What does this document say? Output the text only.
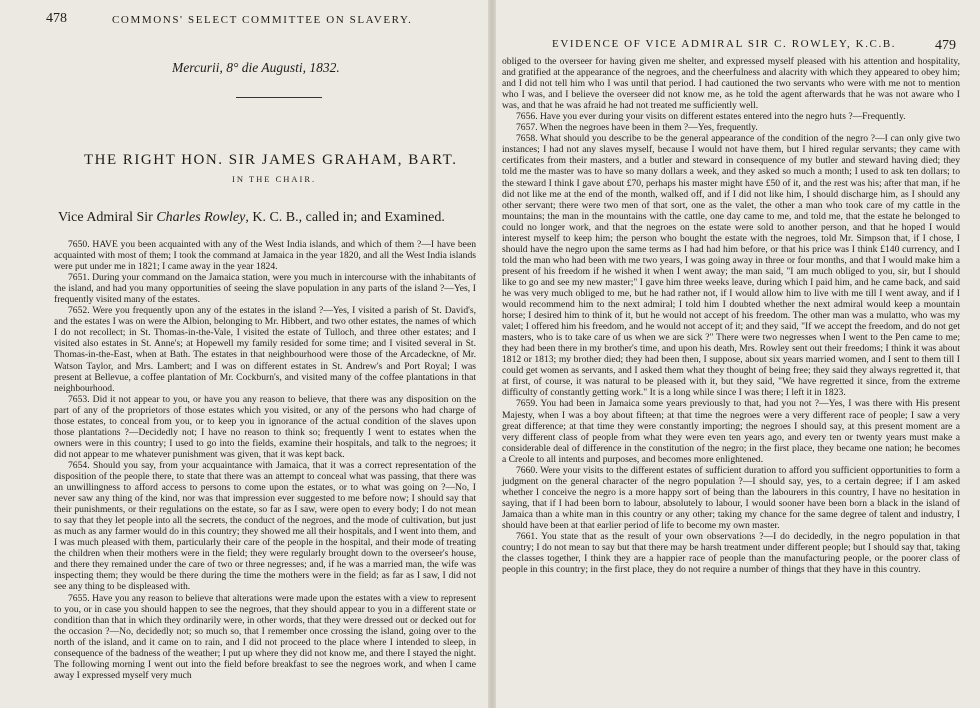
478	COMMONS' SELECT COMMITTEE ON SLAVERY.
Mercurii, 8° die Augusti, 1832.
THE RIGHT HON. SIR JAMES GRAHAM, BART.
IN THE CHAIR.
Vice Admiral Sir Charles Rowley, K. C. B., called in; and Examined.

7650. HAVE you been acquainted with any of the West India islands, and which of them ?—I have been acquainted with most of them; I took the command at Jamaica in the year 1820, and all the West India islands were put under me in 1821; I came away in the year 1824.

7651. During your command on the Jamaica station, were you much in intercourse with the inhabitants of the island, and had you many opportunities of seeing the slave population in any parts of the island ?—Yes, I frequently visited many of the estates.

7652. Were you frequently upon any of the estates in the island ?—Yes, I visited a parish of St. David's, and the estates I was on were the Albion, belonging to Mr. Hibbert, and two other estates, the names of which I do not recollect; in St. Thomas-in-the-Vale, I visited the estate of Tulloch, and three other estates; and I visited also estates in St. Anne's; at Hopewell my family resided for some time; and I visited several in St. Thomas-in-the-East, when at Bath. The estates in that neighbourhood were those of the Arcadeckne, of Mr. Watson Taylor, and Mrs. Lambert; and I was on different estates in St. Andrew's and Port Royal; I was present at Bellevue, a coffee plantation of Mr. Cockburn's, and visited many of the coffee plantations in that neighbourhood.

7653. Did it not appear to you, or have you any reason to believe, that there was any disposition on the part of any of the proprietors of those estates which you visited, or any of the persons who had charge of those estates, to conceal from you, or to keep you in ignorance of the actual condition of the slaves upon those plantations ?—Decidedly not; I have no reason to think so; frequently I went to estates when the owners were in this country; I used to go into the fields, examine their hospitals, and talk to the negroes; it did not appear to me whatever punishment was given, that it was kept back.

7654. Should you say, from your acquaintance with Jamaica, that it was a correct representation of the disposition of the people there, to state that there was an attempt to conceal what was passing, that there was an unwillingness to afford access to persons to come upon the estates, or to what was going on ?—No, I never saw any thing of the kind, nor was that impression ever suggested to me before now; I should say that their punishments, or their regulations on the estate, so far as I saw, were open to every body; I do not mean to say that they let people into all the secrets, the conduct of the negroes, and the mode of cultivation, but just as much as any farmer would do in this country; they showed me all their hospitals, and I went into them, and I was much pleased with them, particularly their care of the people in the hospital, and their mode of treating the children when their mothers were in the field; they were regularly brought down to the overseer's house, and there they remained under the care of two or three negresses; and, if he was a married man, the wife was inspecting them; they would be there during the time the mothers were in the field; as far as I saw, I did not see any thing to be displeased with.

7655. Have you any reason to believe that alterations were made upon the estates with a view to represent to you, or in case you should happen to see the negroes, that they should appear to you in a different state or condition than that in which they ordinarily were, in other words, that they were dressed out or decked out for the occasion ?—No, decidedly not; so much so, that I remember once crossing the island, going over to the north of the island, and it came on to rain, and I did not proceed to the place where I intended to sleep, in consequence of the badness of the weather; I put up where they did not know me, and there I stayed the night. The following morning I went out into the field before breakfast to see the negroes work, and when I came away I expressed myself very much

EVIDENCE OF VICE ADMIRAL SIR C. ROWLEY, K.C.B.	479

obliged to the overseer for having given me shelter, and expressed myself pleased with his attention and hospitality, and gratified at the appearance of the negroes, and the cheerfulness and alacrity with which they appeared to obey him; and I did not tell him who I was until that period. I had cautioned the two servants who were with me not to mention who I was, and I believe the overseer did not know me, as he told the agent afterwards that he was not aware who I was, and that he was afraid he had not treated me sufficiently well.

7656. Have you ever during your visits on different estates entered into the negro huts ?—Frequently.

7657. When the negroes have been in them ?—Yes, frequently.

7658. What should you describe to be the general appearance of the condition of the negro ?—I can only give two instances; I had not any slaves myself, because I would not have them, but I hired regular servants; they came with certificates from their masters, and a butler and steward in consequence of my butler and steward having died; they told me the master was to have so many dollars a week, and they asked so much a month; I used to ask ten dollars; to the steward I think I gave about £70, perhaps his master might have £50 of it, and the rest was his; after that man, if he did not like me at the end of the month, walked off, and if I did not like him, I should discharge him, as I should any other servant; there were two men of that sort, one as the valet, the other a man who took care of my cattle in the mountains; the man in the mountains with the cattle, one day came to me, and told me, that the estate he belonged to could no longer work, and that the negroes on the estate were sold to another person, and that he hoped I would interest myself to keep him; the person who bought the estate with the negroes, told Mr. Simpson that, if I chose, I should have the negro upon the same terms as I had had him before, or that his price was I think £140 currency, and I told the man who had been with me two years, I was going away in three or four months, and that I would make him a present of his freedom if he wished it when I went away; the man said, "I am much obliged to you, sir, but I should like to go and see my new master;" I gave him three weeks leave, during which I paid him, and he came back, and said he was very much obliged to me, but he had rather not, if I would allow him to live with me till I went away, and if I would recommend him to the next admiral; I told him I doubted whether the next admiral would keep a mountain horse; I desired him to think of it, but he would not accept of his freedom. The other man was a mulatto, who was my valet; I offered him his freedom, and he would not accept of it; and they said, "If we accept the freedom, and do not get masters, who is to take care of us when we are sick ?" There were two negresses when I went to the Pen came to me; they had been there in my brother's time, and upon his death, Mrs. Rowley sent out their freedoms; I think it was about 1812 or 1813; my brother died; they had been then, I suppose, about six years married women, and I sent to them till I could get women as servants, and I asked them what they thought of being free; they said they always regretted it, that at first, of course, it was natural to be pleased with it, but they said, "We have regretted it since, from the extreme difficulty of constantly getting work." It is a long while since I was there; I left it in 1823.

7659. You had been in Jamaica some years previously to that, had you not ?—Yes, I was there with His present Majesty, when I was a boy about fifteen; at that time the negroes were a very different race of people; I saw a very great difference; at that time they were constantly importing; the negroes I should say, at this present moment are a very different class of people from what they were even ten years ago, and every ten or twenty years must make a considerable deal of difference in the constitution of the negro; in the first place, they became one nation; he becomes a Creole to all intents and purposes, and becomes more enlightened.

7660. Were your visits to the different estates of sufficient duration to afford you sufficient opportunities to form a judgment on the general character of the negro population ?—I should say, yes, to a certain degree; if I am asked whether I conceive the negro is a more happy sort of being than the labourers in this country, I have no hesitation in saying, that if I had been born to labour, absolutely to labour, I would sooner have been born a black in the island of Jamaica than a white man in this country or any other; taking my chance for the same degree of talent and industry, I should have been at that earlier period of life to become my own master.

7661. You state that as the result of your own observations ?—I do decidedly, in the negro population in that country; I do not mean to say but that there may be harsh treatment under different people; but I should say that, taking the classes together, I think they are a happier race of people than the manufacturing people, or the poorer class of people in this country; in the first place, they do not require a number of things that they have in this country.
